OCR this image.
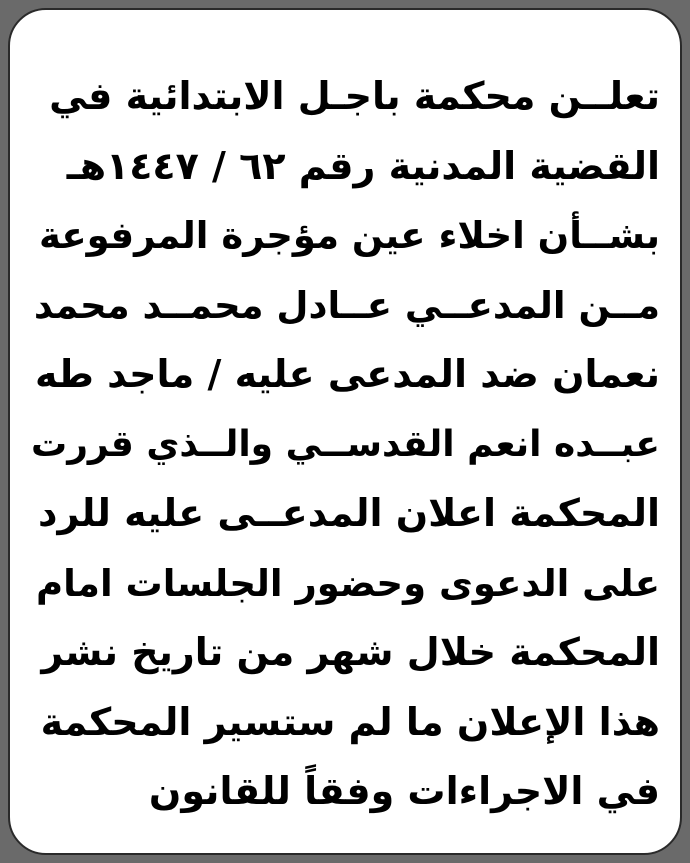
تعلــن محكمة باجـل الابتدائية في
القضية المدنية رقم ٦٢ / ١٤٤٧هـ
بشــأن اخلاء عين مؤجرة المرفوعة
مــن المدعــي عــادل محمــد محمد
نعمان ضد المدعى عليه / ماجد طه
عبــده انعم القدســي والــذي قررت
المحكمة اعلان المدعــى عليه للرد
على الدعوى وحضور الجلسات امام
المحكمة خلال شهر من تاريخ نشر
هذا الإعلان ما لم ستسير المحكمة
في الاجراءات وفقاً للقانون
